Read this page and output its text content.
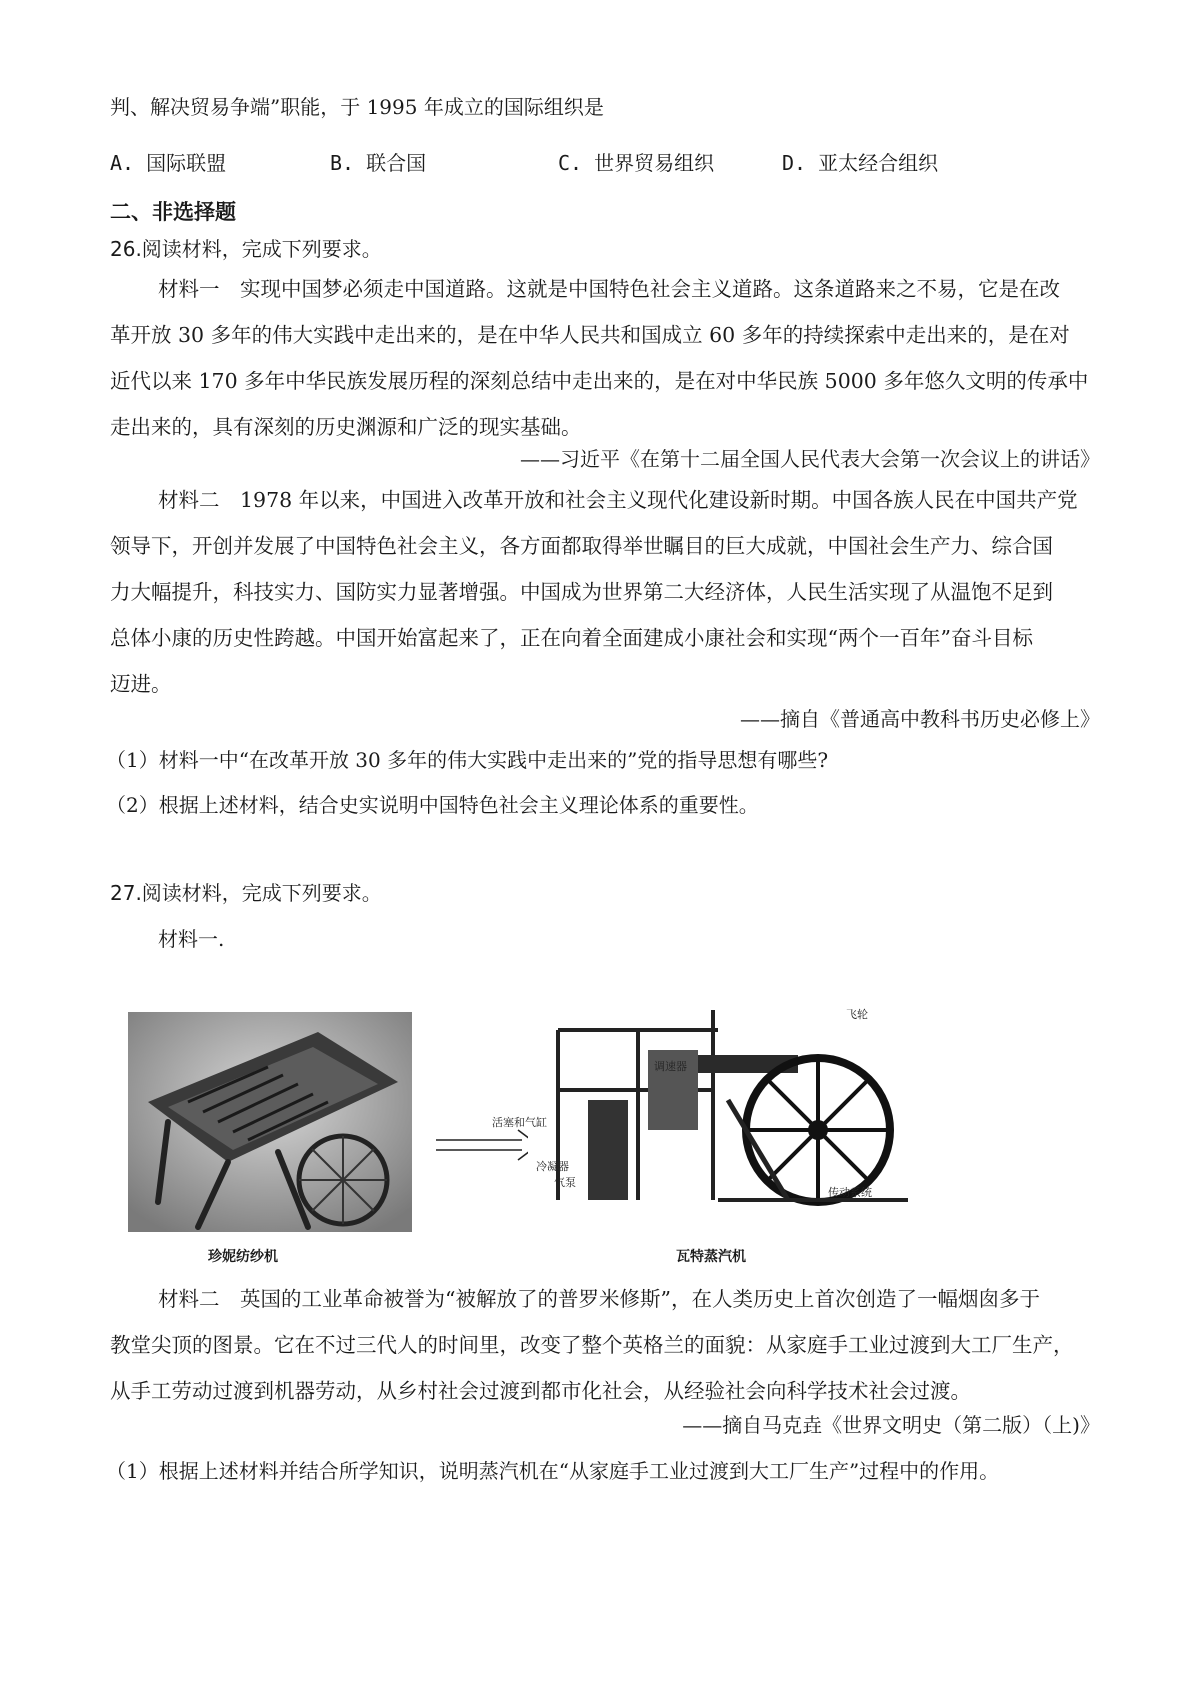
判、解决贸易争端”职能，于 1995 年成立的国际组织是
A. 国际联盟	B. 联合国	C. 世界贸易组织	D. 亚太经合组织
二、非选择题
26.阅读材料，完成下列要求。
材料一　实现中国梦必须走中国道路。这就是中国特色社会主义道路。这条道路来之不易，它是在改
革开放 30 多年的伟大实践中走出来的，是在中华人民共和国成立 60 多年的持续探索中走出来的，是在对
近代以来 170 多年中华民族发展历程的深刻总结中走出来的，是在对中华民族 5000 多年悠久文明的传承中
走出来的，具有深刻的历史渊源和广泛的现实基础。
——习近平《在第十二届全国人民代表大会第一次会议上的讲话》
材料二　1978 年以来，中国进入改革开放和社会主义现代化建设新时期。中国各族人民在中国共产党
领导下，开创并发展了中国特色社会主义，各方面都取得举世瞩目的巨大成就，中国社会生产力、综合国
力大幅提升，科技实力、国防实力显著增强。中国成为世界第二大经济体，人民生活实现了从温饱不足到
总体小康的历史性跨越。中国开始富起来了，正在向着全面建成小康社会和实现“两个一百年”奋斗目标
迈进。
——摘自《普通高中教科书历史必修上》
（1）材料一中“在改革开放 30 多年的伟大实践中走出来的”党的指导思想有哪些?
（2）根据上述材料，结合史实说明中国特色社会主义理论体系的重要性。
27.阅读材料，完成下列要求。
材料一.
珍妮纺纱机
飞轮
调速器
活塞和气缸
传动系统
冷凝器
气泵
瓦特蒸汽机
材料二　英国的工业革命被誉为“被解放了的普罗米修斯”，在人类历史上首次创造了一幅烟囱多于
教堂尖顶的图景。它在不过三代人的时间里，改变了整个英格兰的面貌：从家庭手工业过渡到大工厂生产，
从手工劳动过渡到机器劳动，从乡村社会过渡到都市化社会，从经验社会向科学技术社会过渡。
——摘自马克垚《世界文明史（第二版）（上)》
（1）根据上述材料并结合所学知识，说明蒸汽机在“从家庭手工业过渡到大工厂生产”过程中的作用。
